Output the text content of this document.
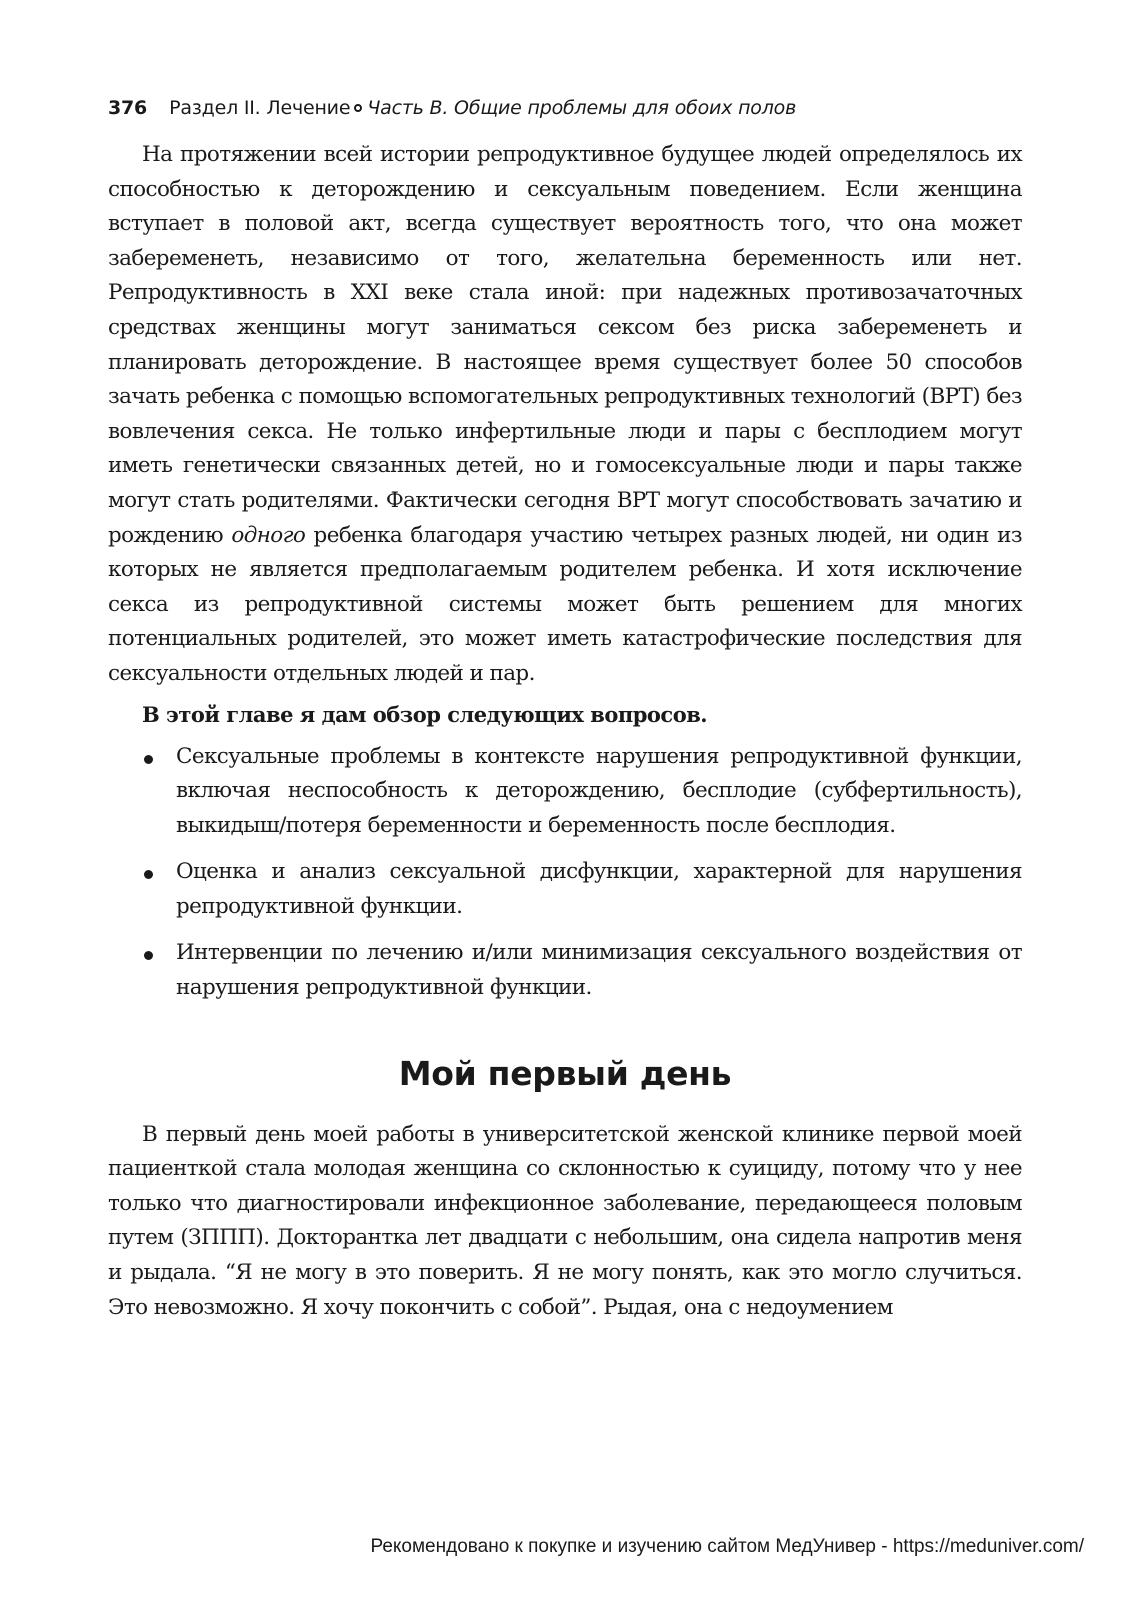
376 Раздел II. Лечение Часть В. Общие проблемы для обоих полов

На протяжении всей истории репродуктивное будущее людей определялось их способностью к деторождению и сексуальным поведением. Если женщина вступает в половой акт, всегда существует вероятность того, что она может забеременеть, независимо от того, желательна беременность или нет. Репродуктивность в XXI веке стала иной: при надежных противозачаточных средствах женщины могут заниматься сексом без риска забеременеть и планировать деторождение. В настоящее время существует более 50 способов зачать ребенка с помощью вспомогательных репродуктивных технологий (ВРТ) без вовлечения секса. Не только инфертильные люди и пары с бесплодием могут иметь генетически связанных детей, но и гомосексуальные люди и пары также могут стать родителями. Фактически сегодня ВРТ могут способствовать зачатию и рождению одного ребенка благодаря участию четырех разных людей, ни один из которых не является предполагаемым родителем ребенка. И хотя исключение секса из репродуктивной системы может быть решением для многих потенциальных родителей, это может иметь катастрофические последствия для сексуальности отдельных людей и пар.

В этой главе я дам обзор следующих вопросов.

Сексуальные проблемы в контексте нарушения репродуктивной функции, включая неспособность к деторождению, бесплодие (субфертильность), выкидыш/потеря беременности и беременность после бесплодия.
Оценка и анализ сексуальной дисфункции, характерной для нарушения репродуктивной функции.
Интервенции по лечению и/или минимизация сексуального воздействия от нарушения репродуктивной функции.
Мой первый день

В первый день моей работы в университетской женской клинике первой моей пациенткой стала молодая женщина со склонностью к суициду, потому что у нее только что диагностировали инфекционное заболевание, передающееся половым путем (ЗППП). Докторантка лет двадцати с небольшим, она сидела напротив меня и рыдала. “Я не могу в это поверить. Я не могу понять, как это могло случиться. Это невозможно. Я хочу покончить с собой”. Рыдая, она с недоумением

Рекомендовано к покупке и изучению сайтом МедУнивер - https://meduniver.com/
